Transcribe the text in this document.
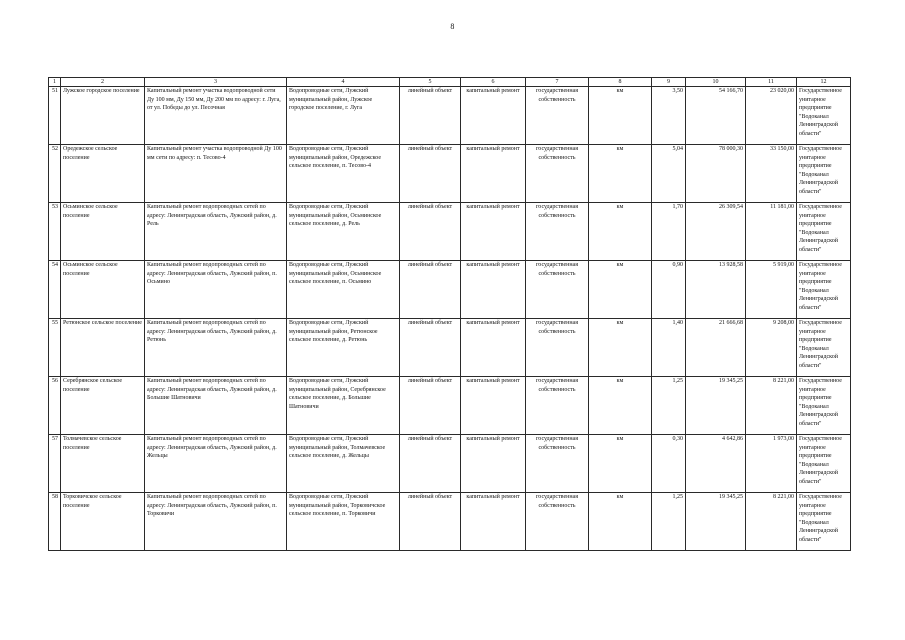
8
1	2	3	4	5	6	7	8	9	10	11	12
51	Лужское городское поселение	Капитальный ремонт участка водопроводной сети Ду 100 мм, Ду 150 мм, Ду 200 мм по адресу: г. Луга, от ул. Победы до ул. Песочная	Водопроводные сети, Лужский муниципальный район, Лужское городское поселение, г. Луга	линейный объект	капитальный ремонт	государственная собственность	км	3,50	54 166,70	23 020,00	Государственное унитарное предприятие "Водоканал Ленинградской области"
52	Оредежское сельское поселение	Капитальный ремонт участка водопроводной Ду 100 мм сети по адресу: п. Тесово-4	Водопроводные сети, Лужский муниципальный район, Оредежское сельское поселение, п. Тесово-4	линейный объект	капитальный ремонт	государственная собственность	км	5,04	78 000,30	33 150,00	Государственное унитарное предприятие "Водоканал Ленинградской области"
53	Осьминское сельское поселение	Капитальный ремонт водопроводных сетей по адресу: Ленинградская область, Лужский район, д. Рель	Водопроводные сети, Лужский муниципальный район, Осьминское сельское поселение, д. Рель	линейный объект	капитальный ремонт	государственная собственность	км	1,70	26 309,54	11 181,00	Государственное унитарное предприятие "Водоканал Ленинградской области"
54	Осьминское сельское поселение	Капитальный ремонт водопроводных сетей по адресу: Ленинградская область, Лужский район, п. Осьмино	Водопроводные сети, Лужский муниципальный район, Осьминское сельское поселение, п. Осьмино	линейный объект	капитальный ремонт	государственная собственность	км	0,90	13 928,58	5 919,00	Государственное унитарное предприятие "Водоканал Ленинградской области"
55	Ретюнское сельское поселение	Капитальный ремонт водопроводных сетей по адресу: Ленинградская область, Лужский район, д. Ретюнь	Водопроводные сети, Лужский муниципальный район, Ретюнское сельское поселение, д. Ретюнь	линейный объект	капитальный ремонт	государственная собственность	км	1,40	21 666,68	9 208,00	Государственное унитарное предприятие "Водоканал Ленинградской области"
56	Серебрянское сельское поселение	Капитальный ремонт водопроводных сетей по адресу: Ленинградская область, Лужский район, д. Большие Шатновичи	Водопроводные сети, Лужский муниципальный район, Серебрянское сельское поселение, д. Большие Шатновичи	линейный объект	капитальный ремонт	государственная собственность	км	1,25	19 345,25	8 221,00	Государственное унитарное предприятие "Водоканал Ленинградской области"
57	Толмачевское сельское поселение	Капитальный ремонт водопроводных сетей по адресу: Ленинградская область, Лужский район, д. Жельцы	Водопроводные сети, Лужский муниципальный район, Толмачевское сельское поселение, д. Жельцы	линейный объект	капитальный ремонт	государственная собственность	км	0,30	4 642,86	1 973,00	Государственное унитарное предприятие "Водоканал Ленинградской области"
58	Торковичское сельское поселение	Капитальный ремонт водопроводных сетей по адресу: Ленинградская область, Лужский район, п. Торковичи	Водопроводные сети, Лужский муниципальный район, Торковичское сельское поселение, п. Торковичи	линейный объект	капитальный ремонт	государственная собственность	км	1,25	19 345,25	8 221,00	Государственное унитарное предприятие "Водоканал Ленинградской области"
